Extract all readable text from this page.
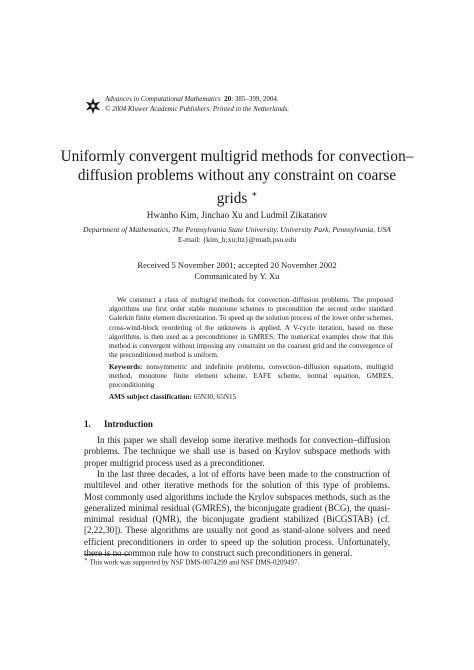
Advances in Computational Mathematics 20: 385–399, 2004.
© 2004 Kluwer Academic Publishers. Printed in the Netherlands.
Uniformly convergent multigrid methods for convection–diffusion problems without any constraint on coarse grids ∗
Hwanho Kim, Jinchao Xu and Ludmil Zikatanov
Department of Mathematics, The Pennsylvania State University, University Park, Pennsylvania, USA
E-mail: {kim_h;xu;ltz}@math.psu.edu
Received 5 November 2001; accepted 20 November 2002
Communicated by Y. Xu

We construct a class of multigrid methods for convection–diffusion problems. The proposed algorithms use first order stable monotone schemes to precondition the second order standard Galerkin finite element discretization. To speed up the solution process of the lower order schemes, cross-wind-block reordering of the unknowns is applied. A V-cycle iteration, based on these algorithms, is then used as a preconditioner in GMRES. The numerical examples show that this method is convergent without imposing any constraint on the coarsest grid and the convergence of the preconditioned method is uniform.

Keywords: nonsymmetric and indefinite problems, convection–diffusion equations, multigrid method, monotone finite element scheme, EAFE scheme, normal equation, GMRES, preconditioning

AMS subject classification: 65N30, 65N15
1. Introduction

In this paper we shall develop some iterative methods for convection–diffusion problems. The technique we shall use is based on Krylov subspace methods with proper multigrid process used as a preconditioner.

In the last three decades, a lot of efforts have been made to the construction of multilevel and other iterative methods for the solution of this type of problems. Most commonly used algorithms include the Krylov subspaces methods, such as the generalized minimal residual (GMRES), the biconjugate gradient (BCG), the quasi-minimal residual (QMR), the biconjugate gradient stabilized (BiCGSTAB) (cf. [2,22,30]). These algorithms are usually not good as stand-alone solvers and need efficient preconditioners in order to speed up the solution process. Unfortunately, there is no common rule how to construct such preconditioners in general.

∗ This work was supported by NSF DMS-0074299 and NSF DMS-0209497.
